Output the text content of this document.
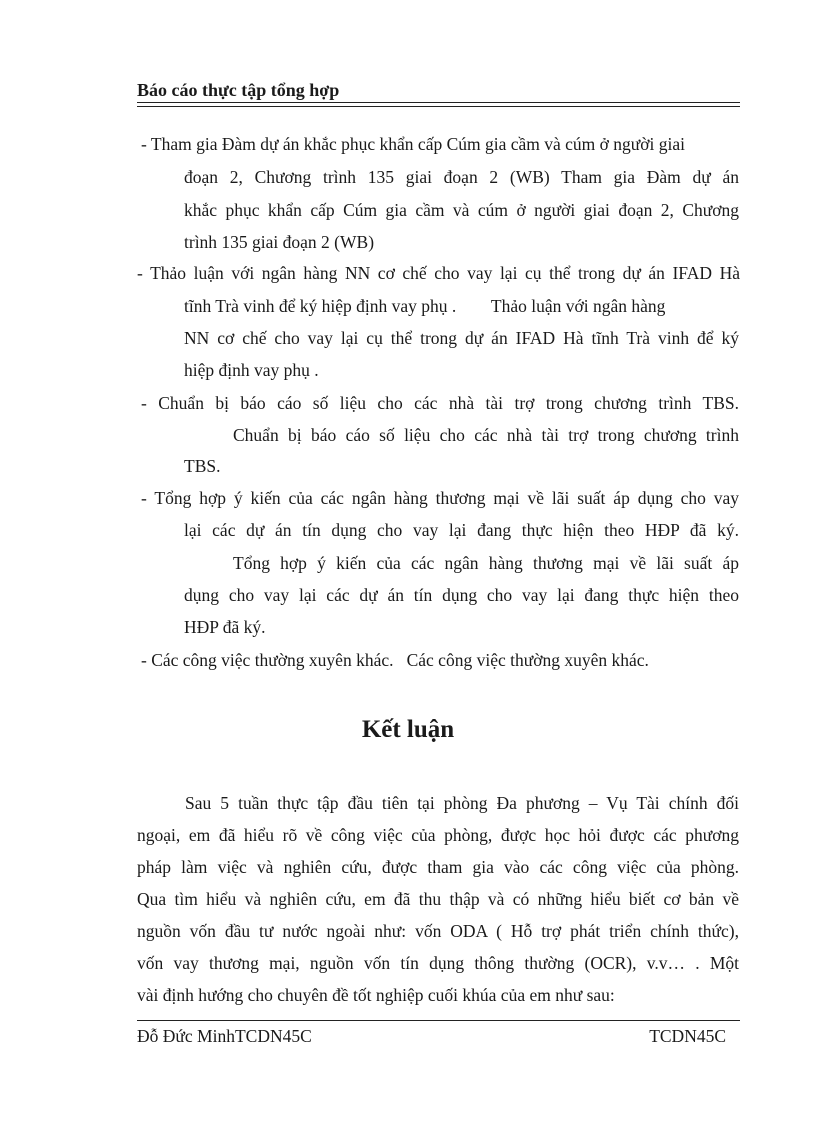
Báo cáo thực tập tổng hợp
- Tham gia Đàm dự án khắc phục khẩn cấp Cúm gia cầm và cúm ở người giai
đoạn 2, Chương trình 135 giai đoạn 2 (WB) Tham gia Đàm dự án
khắc phục khẩn cấp Cúm gia cầm và cúm ở người giai đoạn 2, Chương
trình 135 giai đoạn 2 (WB)
- Thảo luận với ngân hàng NN cơ chế cho vay lại cụ thể trong dự án IFAD Hà
tĩnh Trà vinh để ký hiệp định vay phụ .        Thảo luận với ngân hàng
NN cơ chế cho vay lại cụ thể trong dự án IFAD Hà tĩnh Trà vinh để ký
hiệp định vay phụ .
- Chuẩn bị báo cáo số liệu cho các nhà tài trợ trong chương trình TBS.
Chuẩn bị báo cáo số liệu cho các nhà tài trợ trong chương trình
TBS.
- Tổng hợp ý kiến của các ngân hàng thương mại về lãi suất áp dụng cho vay
lại các dự án tín dụng cho vay lại đang thực hiện theo HĐP đã ký.
Tổng hợp ý kiến của các ngân hàng thương mại về lãi suất áp
dụng cho vay lại các dự án tín dụng cho vay lại đang thực hiện theo
HĐP đã ký.
- Các công việc thường xuyên khác.   Các công việc thường xuyên khác.
Kết luận
Sau 5 tuần thực tập đầu tiên tại phòng Đa phương – Vụ Tài chính đối
ngoại, em đã hiểu rõ về công việc của phòng, được học hỏi được các phương
pháp làm việc và nghiên cứu, được tham gia vào các công việc của phòng.
Qua tìm hiểu và nghiên cứu, em đã thu thập và có những hiểu biết cơ bản về
nguồn vốn đầu tư nước ngoài như: vốn ODA ( Hỗ trợ phát triển chính thức),
vốn vay thương mại, nguồn vốn tín dụng thông thường (OCR), v.v… . Một
vài định hướng cho chuyên đề tốt nghiệp cuối khúa của em như sau:
Đỗ Đức MinhTCDN45C	TCDN45C
